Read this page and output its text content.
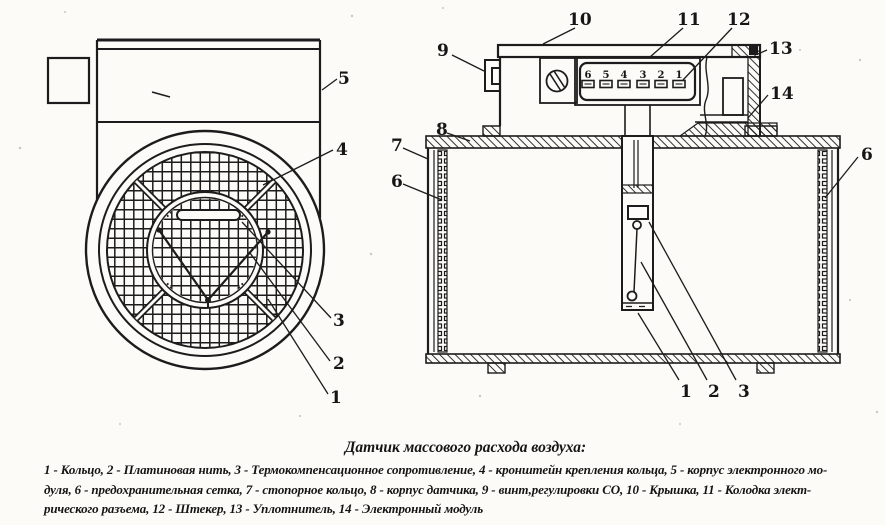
5
4
3
2
1
6 5 4 3 2 1
9
10	11 12
13
14
8
7
6
6
1 2 3
Датчик массового расхода воздуха:
1 - Кольцо, 2 - Платиновая нить, 3 - Термокомпенсационное сопротивление, 4 - кронштейн крепления кольца, 5 - корпус электронного мо-
дуля, 6 - предохранительная сетка, 7 - стопорное кольцо, 8 - корпус датчика, 9 - винт,регулировки СО, 10 - Крышка, 11 - Колодка элект-
рического разъема, 12 - Штекер, 13 - Уплотнитель, 14 - Электронный модуль
